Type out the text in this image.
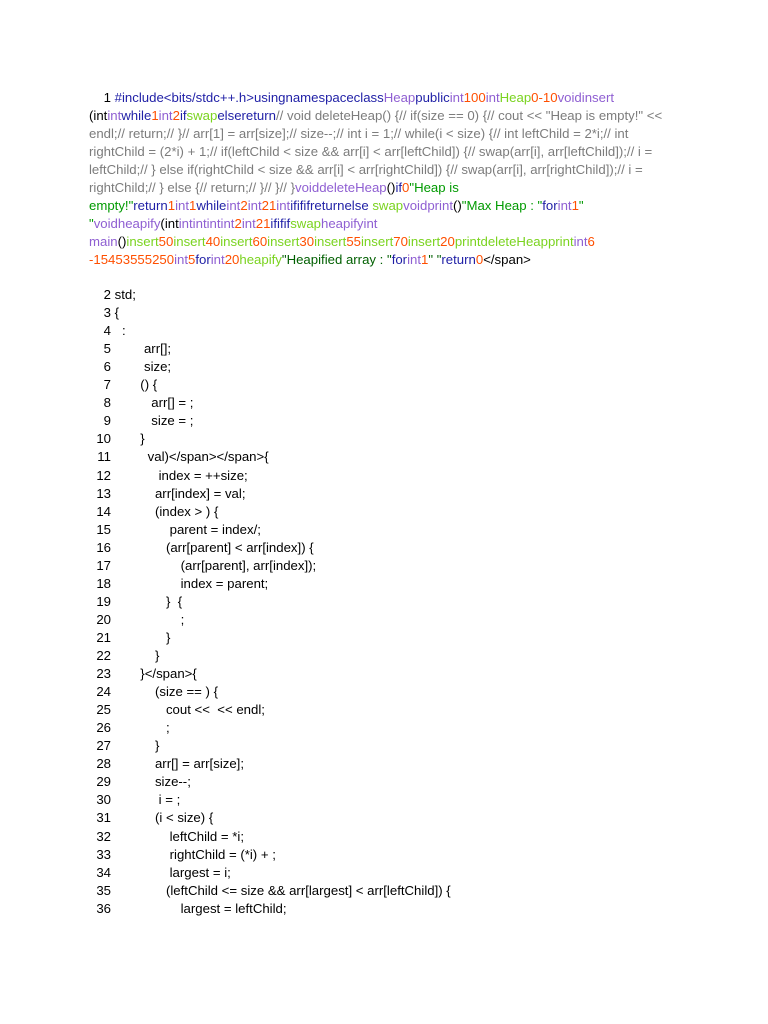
1 #include<bits/stdc++.h>usingnamespaceclassHeappublicint100intHeap0-10voidinsert (intintwhile1int2ifswapelsereturn// void deleteHeap() {// if(size == 0) {// cout << "Heap is empty!" << endl;// return;// }// arr[1] = arr[size];// size--;// int i = 1;// while(i < size) {// int leftChild = 2*i;// int rightChild = (2*i) + 1;// if(leftChild < size && arr[i] < arr[leftChild]) {// swap(arr[i], arr[leftChild]);// i = leftChild;// } else if(rightChild < size && arr[i] < arr[rightChild]) {// swap(arr[i], arr[rightChild]);// i = rightChild;// } else {// return;// }// }// }voiddeleteHeap()if0"Heap is empty!"return1int1whileint2int21intifififreturnelse swapvoidprint()"Max Heap : "forint1" "voidheapify(intintintintint2int21ifififswapheapifyint main()insert50insert40insert60insert30insert55insert70insert20printdeleteHeapprintint6 -15453555250int5forint20heapify"Heapified array : "forint1" "return0</span>
2 std;
3 {
4   :
5         arr[];
6         size;
7        () {
8           arr[] = ;
9           size = ;
10        }
11          val)</span></span>{
12             index = ++size;
13            arr[index] = val;
14            (index > ) {
15                parent = index/;
16               (arr[parent] < arr[index]) {
17                   (arr[parent], arr[index]);
18                   index = parent;
19               }  {
20                   ;
21               }
22            }
23        }</span>{
24            (size == ) {
25               cout <<  << endl;
26               ;
27            }
28            arr[] = arr[size];
29            size--;
30             i = ;
31            (i < size) {
32                leftChild = *i;
33                rightChild = (*i) + ;
34                largest = i;
35               (leftChild <= size && arr[largest] < arr[leftChild]) {
36                   largest = leftChild;
